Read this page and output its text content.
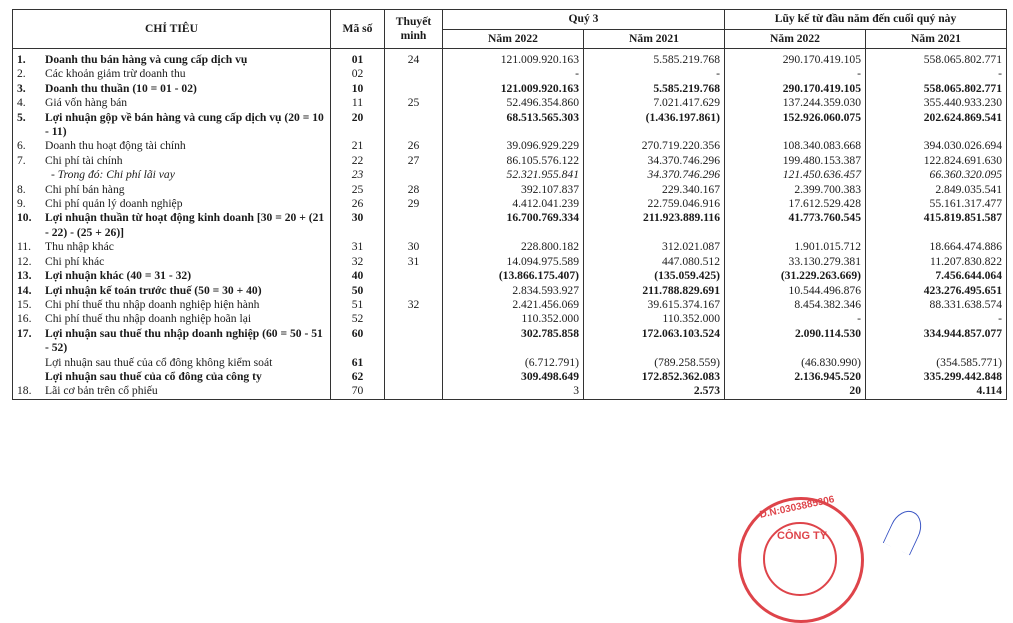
CHỈ TIÊU	Mã số	Thuyết minh	Quý 3		Lũy kế từ đầu năm đến cuối quý này	
			Năm 2022	Năm 2021	Năm 2022	Năm 2021

1. Doanh thu bán hàng và cung cấp dịch vụ	01	24	121.009.920.163	5.585.219.768	290.170.419.105	558.065.802.771

2. Các khoản giảm trừ doanh thu	02		-	-	-	-

3. Doanh thu thuần (10 = 01 - 02)	10		121.009.920.163	5.585.219.768	290.170.419.105	558.065.802.771

4. Giá vốn hàng bán	11	25	52.496.354.860	7.021.417.629	137.244.359.030	355.440.933.230

5. Lợi nhuận gộp về bán hàng và cung cấp dịch vụ (20 = 10 - 11)	20		68.513.565.303	(1.436.197.861)	152.926.060.075	202.624.869.541

6. Doanh thu hoạt động tài chính	21	26	39.096.929.229	270.719.220.356	108.340.083.668	394.030.026.694

7. Chi phí tài chính	22	27	86.105.576.122	34.370.746.296	199.480.153.387	122.824.691.630

- Trong đó: Chi phí lãi vay	23		52.321.955.841	34.370.746.296	121.450.636.457	66.360.320.095

8. Chi phí bán hàng	25	28	392.107.837	229.340.167	2.399.700.383	2.849.035.541

9. Chi phí quản lý doanh nghiệp	26	29	4.412.041.239	22.759.046.916	17.612.529.428	55.161.317.477

10. Lợi nhuận thuần từ hoạt động kinh doanh [30 = 20 + (21 - 22) - (25 + 26)]	30		16.700.769.334	211.923.889.116	41.773.760.545	415.819.851.587

11. Thu nhập khác	31	30	228.800.182	312.021.087	1.901.015.712	18.664.474.886

12. Chi phí khác	32	31	14.094.975.589	447.080.512	33.130.279.381	11.207.830.822

13. Lợi nhuận khác (40 = 31 - 32)	40		(13.866.175.407)	(135.059.425)	(31.229.263.669)	7.456.644.064

14. Lợi nhuận kế toán trước thuế (50 = 30 + 40)	50		2.834.593.927	211.788.829.691	10.544.496.876	423.276.495.651

15. Chi phí thuế thu nhập doanh nghiệp hiện hành	51	32	2.421.456.069	39.615.374.167	8.454.382.346	88.331.638.574

16. Chi phí thuế thu nhập doanh nghiệp hoãn lại	52		110.352.000	110.352.000	-	-

17. Lợi nhuận sau thuế thu nhập doanh nghiệp (60 = 50 - 51 - 52)	60		302.785.858	172.063.103.524	2.090.114.530	334.944.857.077

Lợi nhuận sau thuế của cổ đông không kiểm soát	61		(6.712.791)	(789.258.559)	(46.830.990)	(354.585.771)

Lợi nhuận sau thuế của cổ đông của công ty	62		309.498.649	172.852.362.083	2.136.945.520	335.299.442.848

18. Lãi cơ bản trên cổ phiếu	70		3	2.573	20	4.114
D.N:0303885306
CÔNG TY
